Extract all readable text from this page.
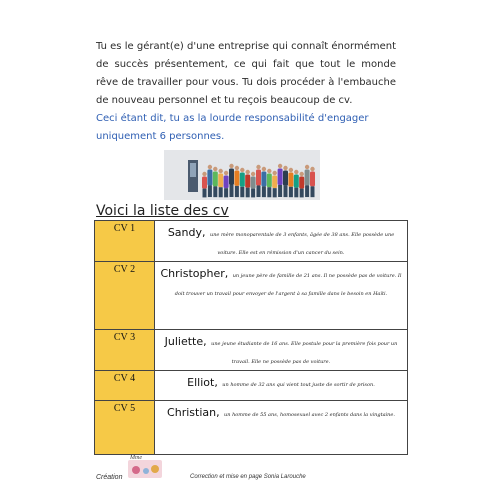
Tu es le gérant(e) d'une entreprise qui connaît énormément de succès présentement, ce qui fait que tout le monde rêve de travailler pour vous. Tu dois procéder à l'embauche de nouveau personnel et tu reçois beaucoup de cv.

Ceci étant dit, tu as la lourde responsabilité d'engager uniquement 6 personnes.

Voici la liste des cv
CV 1	Sandy, une mère monoparentale de 3 enfants, âgée de 38 ans. Elle possède une voiture. Elle est en rémission d'un cancer du sein.
CV 2	Christopher, un jeune père de famille de 21 ans. Il ne possède pas de voiture. Il doit trouver un travail pour envoyer de l'argent à sa famille dans le besoin en Haïti.
CV 3	Juliette, une jeune étudiante de 16 ans. Elle postule pour la première fois pour un travail. Elle ne possède pas de voiture.
CV 4	Elliot, un homme de 32 ans qui vient tout juste de sortir de prison.
CV 5	Christian, un homme de 55 ans, homosexuel avec 2 enfants dans la vingtaine.
Création
Mme
Correction et mise en page Sonia Larouche
